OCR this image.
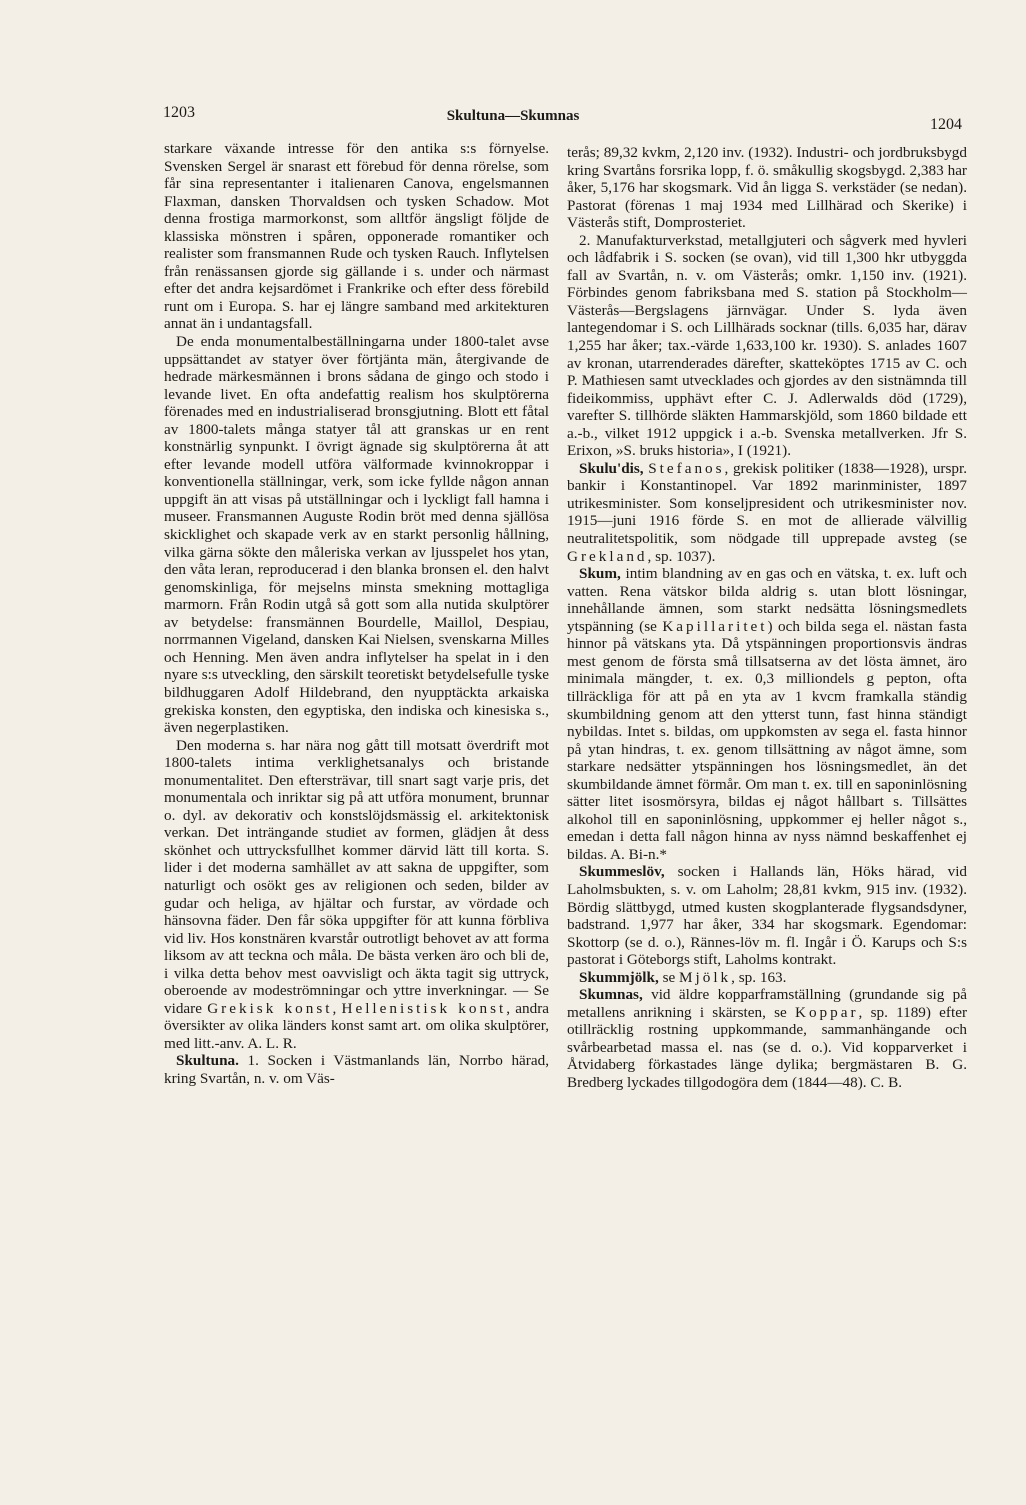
1203	Skultuna—Skumnas	1204

starkare växande intresse för den antika s:s förnyelse. Svensken Sergel är snarast ett förebud för denna rörelse, som får sina representanter i italienaren Canova, engelsmannen Flaxman, dansken Thorvaldsen och tysken Schadow. Mot denna frostiga marmorkonst, som alltför ängsligt följde de klassiska mönstren i spåren, opponerade romantiker och realister som fransmannen Rude och tysken Rauch. Inflytelsen från renässansen gjorde sig gällande i s. under och närmast efter det andra kejsardömet i Frankrike och efter dess förebild runt om i Europa. S. har ej längre samband med arkitekturen annat än i undantagsfall.

De enda monumentalbeställningarna under 1800-talet avse uppsättandet av statyer över förtjänta män, återgivande de hedrade märkesmännen i brons sådana de gingo och stodo i levande livet. En ofta andefattig realism hos skulptörerna förenades med en industrialiserad bronsgjutning. Blott ett fåtal av 1800-talets många statyer tål att granskas ur en rent konstnärlig synpunkt. I övrigt ägnade sig skulptörerna åt att efter levande modell utföra välformade kvinnokroppar i konventionella ställningar, verk, som icke fyllde någon annan uppgift än att visas på utställningar och i lyckligt fall hamna i museer. Fransmannen Auguste Rodin bröt med denna själlösa skicklighet och skapade verk av en starkt personlig hållning, vilka gärna sökte den måleriska verkan av ljusspelet hos ytan, den våta leran, reproducerad i den blanka bronsen el. den halvt genomskinliga, för mejselns minsta smekning mottagliga marmorn. Från Rodin utgå så gott som alla nutida skulptörer av betydelse: fransmännen Bourdelle, Maillol, Despiau, norrmannen Vigeland, dansken Kai Nielsen, svenskarna Milles och Henning. Men även andra inflytelser ha spelat in i den nyare s:s utveckling, den särskilt teoretiskt betydelsefulle tyske bildhuggaren Adolf Hildebrand, den nyupptäckta arkaiska grekiska konsten, den egyptiska, den indiska och kinesiska s., även negerplastiken.

Den moderna s. har nära nog gått till motsatt överdrift mot 1800-talets intima verklighetsanalys och bristande monumentalitet. Den eftersträvar, till snart sagt varje pris, det monumentala och inriktar sig på att utföra monument, brunnar o. dyl. av dekorativ och konstslöjdsmässig el. arkitektonisk verkan. Det inträngande studiet av formen, glädjen åt dess skönhet och uttrycksfullhet kommer därvid lätt till korta. S. lider i det moderna samhället av att sakna de uppgifter, som naturligt och osökt ges av religionen och seden, bilder av gudar och heliga, av hjältar och furstar, av vördade och hänsovna fäder. Den får söka uppgifter för att kunna förbliva vid liv. Hos konstnären kvarstår outrotligt behovet av att forma liksom av att teckna och måla. De bästa verken äro och bli de, i vilka detta behov mest oavvisligt och äkta tagit sig uttryck, oberoende av modeströmningar och yttre inverkningar. — Se vidare Grekisk konst, Hellenistisk konst, andra översikter av olika länders konst samt art. om olika skulptörer, med litt.-anv. A. L. R.

Skultuna. 1. Socken i Västmanlands län, Norrbo härad, kring Svartån, n. v. om Väs-

terås; 89,32 kvkm, 2,120 inv. (1932). Industri- och jordbruksbygd kring Svartåns forsrika lopp, f. ö. småkullig skogsbygd. 2,383 har åker, 5,176 har skogsmark. Vid ån ligga S. verkstäder (se nedan). Pastorat (förenas 1 maj 1934 med Lillhärad och Skerike) i Västerås stift, Domprosteriet.

2. Manufakturverkstad, metallgjuteri och sågverk med hyvleri och lådfabrik i S. socken (se ovan), vid till 1,300 hkr utbyggda fall av Svartån, n. v. om Västerås; omkr. 1,150 inv. (1921). Förbindes genom fabriksbana med S. station på Stockholm—Västerås—Bergslagens järnvägar. Under S. lyda även lantegendomar i S. och Lillhärads socknar (tills. 6,035 har, därav 1,255 har åker; tax.-värde 1,633,100 kr. 1930). S. anlades 1607 av kronan, utarrenderades därefter, skatteköptes 1715 av C. och P. Mathiesen samt utvecklades och gjordes av den sistnämnda till fideikommiss, upphävt efter C. J. Adlerwalds död (1729), varefter S. tillhörde släkten Hammarskjöld, som 1860 bildade ett a.-b., vilket 1912 uppgick i a.-b. Svenska metallverken. Jfr S. Erixon, »S. bruks historia», I (1921).

Skulu'dis, Stefanos, grekisk politiker (1838—1928), urspr. bankir i Konstantinopel. Var 1892 marinminister, 1897 utrikesminister. Som konseljpresident och utrikesminister nov. 1915—juni 1916 förde S. en mot de allierade välvillig neutralitetspolitik, som nödgade till upprepade avsteg (se Grekland, sp. 1037).

Skum, intim blandning av en gas och en vätska, t. ex. luft och vatten. Rena vätskor bilda aldrig s. utan blott lösningar, innehållande ämnen, som starkt nedsätta lösningsmedlets ytspänning (se Kapillaritet) och bilda sega el. nästan fasta hinnor på vätskans yta. Då ytspänningen proportionsvis ändras mest genom de första små tillsatserna av det lösta ämnet, äro minimala mängder, t. ex. 0,3 milliondels g pepton, ofta tillräckliga för att på en yta av 1 kvcm framkalla ständig skumbildning genom att den ytterst tunn, fast hinna ständigt nybildas. Intet s. bildas, om uppkomsten av sega el. fasta hinnor på ytan hindras, t. ex. genom tillsättning av något ämne, som starkare nedsätter ytspänningen hos lösningsmedlet, än det skumbildande ämnet förmår. Om man t. ex. till en saponinlösning sätter litet isosmörsyra, bildas ej något hållbart s. Tillsättes alkohol till en saponinlösning, uppkommer ej heller något s., emedan i detta fall någon hinna av nyss nämnd beskaffenhet ej bildas. A. Bi-n.*

Skummeslöv, socken i Hallands län, Höks härad, vid Laholmsbukten, s. v. om Laholm; 28,81 kvkm, 915 inv. (1932). Bördig slättbygd, utmed kusten skogplanterade flygsandsdyner, badstrand. 1,977 har åker, 334 har skogsmark. Egendomar: Skottorp (se d. o.), Rännes-löv m. fl. Ingår i Ö. Karups och S:s pastorat i Göteborgs stift, Laholms kontrakt.

Skummjölk, se Mjölk, sp. 163.

Skumnas, vid äldre kopparframställning (grundande sig på metallens anrikning i skärsten, se Koppar, sp. 1189) efter otillräcklig rostning uppkommande, sammanhängande och svårbearbetad massa el. nas (se d. o.). Vid kopparverket i Åtvidaberg förkastades länge dylika; bergmästaren B. G. Bredberg lyckades tillgodogöra dem (1844—48). C. B.
